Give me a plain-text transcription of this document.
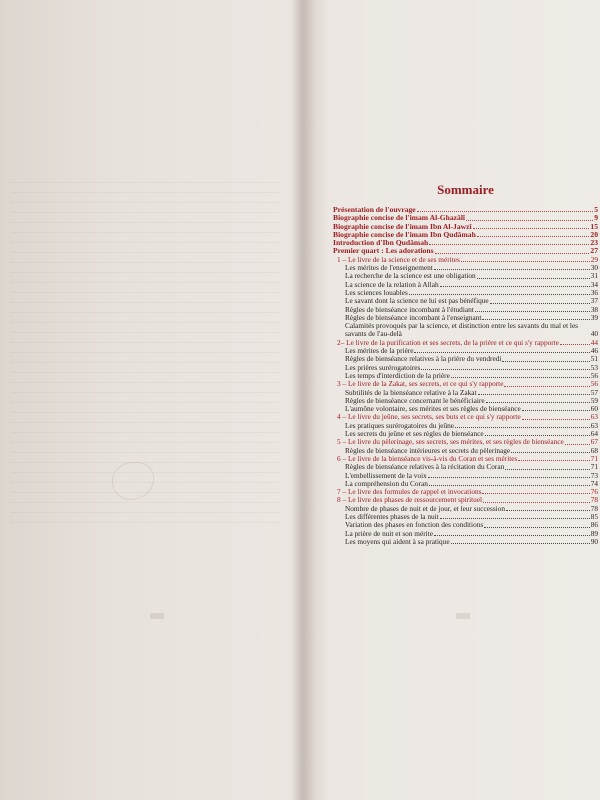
Sommaire
Présentation de l'ouvrage	5
Biographie concise de l'imam Al-Ghazâlî	9
Biographie concise de l'imam Ibn Al-Jawzî	15
Biographie concise de l'imam Ibn Qudâmah	20
Introduction d'Ibn Qudâmah	23
Premier quart : Les adorations	27
1 – Le livre de la science et de ses mérites	29
Les mérites de l'enseignement	30
La recherche de la science est une obligation	31
La science de la relation à Allah	34
Les sciences louables	36
Le savant dont la science ne lui est pas bénéfique	37
Règles de bienséance incombant à l'étudiant	38
Règles de bienséance incombant à l'enseignant	39
Calamités provoqués par la science, et distinction entre les savants du mal et les savants de l'au-delà	40
2– Le livre de la purification et ses secrets, de la prière et ce qui s'y rapporte	44
Les mérites de la prière	46
Règles de bienséance relatives à la prière du vendredi	51
Les prières surérogatoires	53
Les temps d'interdiction de la prière	56
3 – Le livre de la Zakat, ses secrets, et ce qui s'y rapporte	56
Subtilités de la bienséance relative à la Zakat	57
Règles de bienséance concernant le bénéficiaire	59
L'aumône volontaire, ses mérites et ses règles de bienséance	60
4 – Le livre du jeûne, ses secrets, ses buts et ce qui s'y rapporte	63
Les pratiques surérogatoires du jeûne	63
Les secrets du jeûne et ses règles de bienséance	64
5 – Le livre du pèlerinage, ses secrets, ses mérites, et ses règles de bienséance	67
Règles de bienséance intérieures et secrets du pèlerinage	68
6 – Le livre de la bienséance vis-à-vis du Coran et ses mérites	71
Règles de bienséance relatives à la récitation du Coran	71
L'embellissement de la voix	73
La compréhension du Coran	74
7 – Le livre des formules de rappel et invocations	76
8 – Le livre des phases de ressourcement spirituel	78
Nombre de phases de nuit et de jour, et leur succession	78
Les différentes phases de la nuit	85
Variation des phases en fonction des conditions	86
La prière de nuit et son mérite	89
Les moyens qui aident à sa pratique	90
